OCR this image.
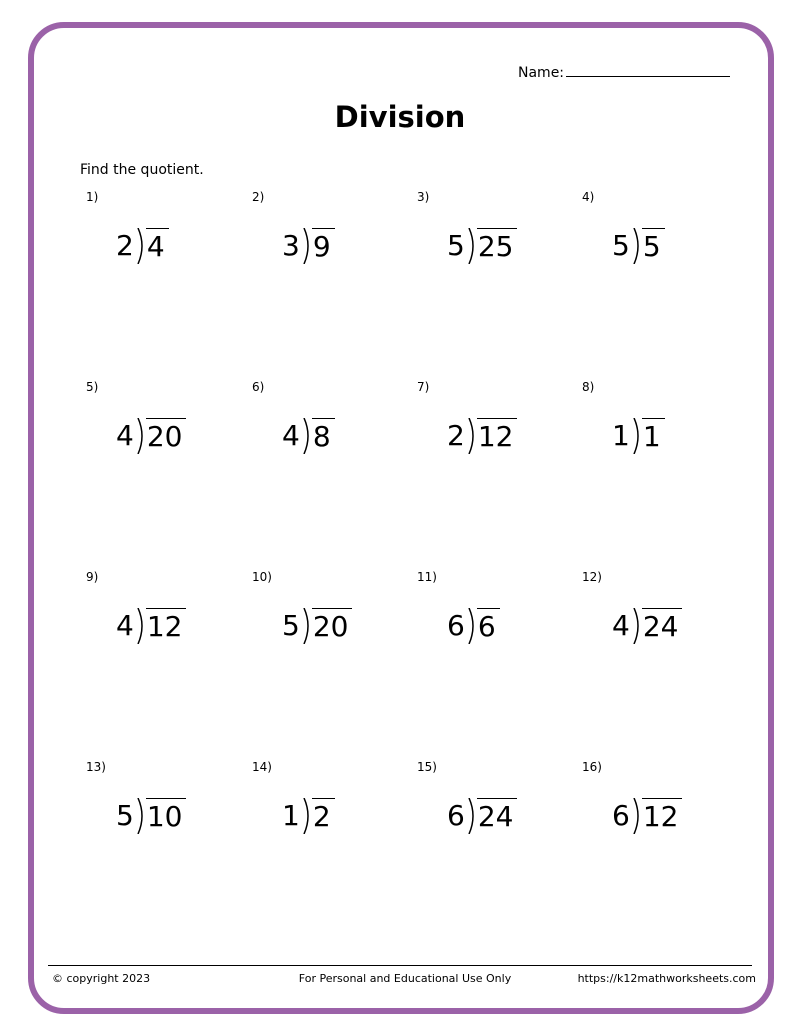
Name:
Division
Find the quotient.
1)
2 4
2)
3 9
3)
5 25
4)
5 5
5)
4 20
6)
4 8
7)
2 12
8)
1 1
9)
4 12
10)
5 20
11)
6 6
12)
4 24
13)
5 10
14)
1 2
15)
6 24
16)
6 12
© copyright 2023	For Personal and Educational Use Only	https://k12mathworksheets.com
